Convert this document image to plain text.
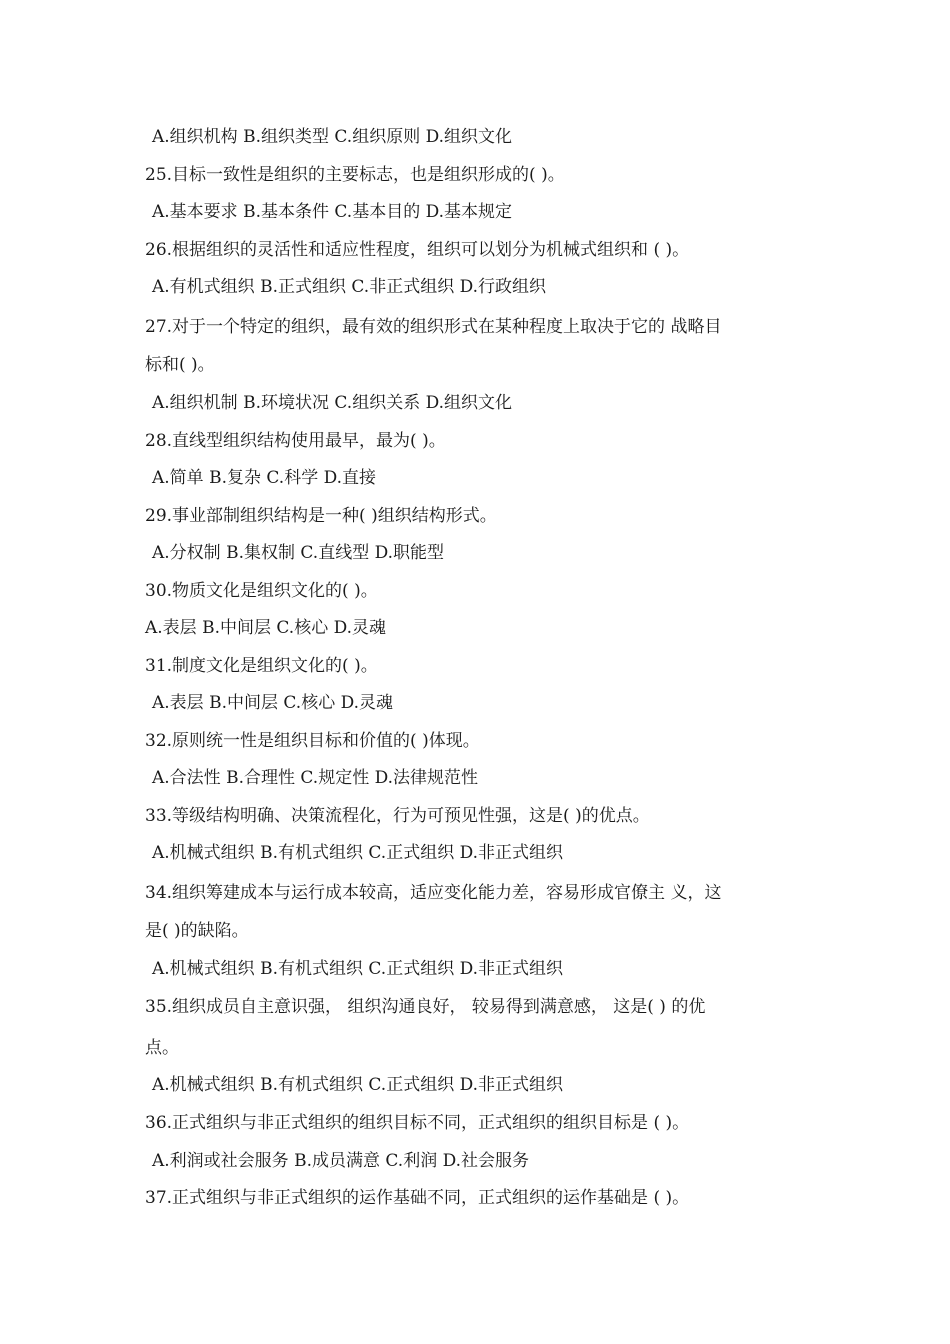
A.组织机构 B.组织类型 C.组织原则 D.组织文化
25.目标一致性是组织的主要标志，也是组织形成的( )。
A.基本要求 B.基本条件 C.基本目的 D.基本规定
26.根据组织的灵活性和适应性程度，组织可以划分为机械式组织和 ( )。
A.有机式组织 B.正式组织 C.非正式组织 D.行政组织
27.对于一个特定的组织，最有效的组织形式在某种程度上取决于它的 战略目
标和( )。
A.组织机制 B.环境状况 C.组织关系 D.组织文化
28.直线型组织结构使用最早，最为( )。
A.简单 B.复杂 C.科学 D.直接
29.事业部制组织结构是一种( )组织结构形式。
A.分权制 B.集权制 C.直线型 D.职能型
30.物质文化是组织文化的( )。
A.表层 B.中间层 C.核心 D.灵魂
31.制度文化是组织文化的( )。
A.表层 B.中间层 C.核心 D.灵魂
32.原则统一性是组织目标和价值的( )体现。
A.合法性 B.合理性 C.规定性 D.法律规范性
33.等级结构明确、决策流程化，行为可预见性强，这是( )的优点。
A.机械式组织 B.有机式组织 C.正式组织 D.非正式组织
34.组织筹建成本与运行成本较高，适应变化能力差，容易形成官僚主 义，这
是( )的缺陷。
A.机械式组织 B.有机式组织 C.正式组织 D.非正式组织
35.组织成员自主意识强， 组织沟通良好， 较易得到满意感， 这是( ) 的优
点。
A.机械式组织 B.有机式组织 C.正式组织 D.非正式组织
36.正式组织与非正式组织的组织目标不同，正式组织的组织目标是 ( )。
A.利润或社会服务 B.成员满意 C.利润 D.社会服务
37.正式组织与非正式组织的运作基础不同，正式组织的运作基础是 ( )。
